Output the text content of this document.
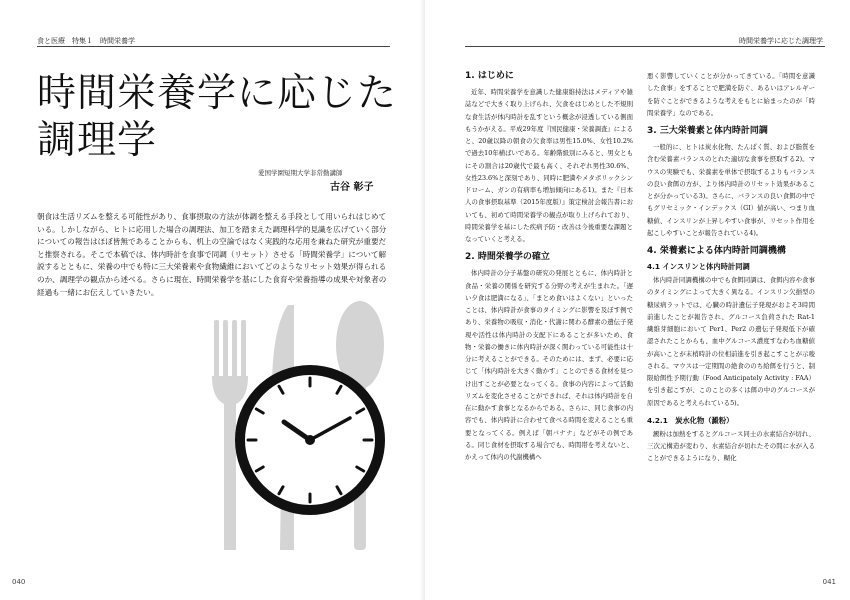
食と医療　特集１　時間栄養学
時間栄養学に応じた
調理学
愛国学園短期大学非常勤講師
古谷 彰子

朝食は生活リズムを整える可能性があり、食事摂取の方法が体調を整える手段として用いられはじめている。しかしながら、ヒトに応用した場合の調理法、加工を踏まえた調理科学的見識を広げていく部分についての報告はほぼ皆無であることからも、机上の空論ではなく実践的な応用を兼ねた研究が重要だと推察される。そこで本稿では、体内時計を食事で同調（リセット）させる「時間栄養学」について解説するとともに、栄養の中でも特に三大栄養素や食物繊維においてどのようなリセット効果が得られるのか、調理学の観点から述べる。さらに現在、時間栄養学を基にした食育や栄養指導の成果や対象者の経過も一緒にお伝えしていきたい。

040
時間栄養学に応じた調理学
1. はじめに

近年、時間栄養学を意識した健康維持法はメディアや雑誌などで大きく取り上げられ、欠食をはじめとした不規則な食生活が体内時計を乱すという概念が浸透している側面もうかがえる。平成29年度『国民健康・栄養調査』によると、20歳以降の朝食の欠食率は男性15.0%、女性10.2%で過去10年横ばいである。年齢階級別にみると、男女ともにその割合は20歳代で最も高く、それぞれ男性30.6%、女性23.6%と深刻であり、同時に肥満やメタボリックシンドローム、ガンの有病率も増加傾向にある1)。また『日本人の食事摂取基準（2015年度版）』策定検討会報告書においても、初めて時間栄養学の観点が取り上げられており、時間栄養学を基にした疾病予防・改善は今後重要な課題となっていくと考える。

2. 時間栄養学の確立

体内時計の分子基盤の研究の発展とともに、体内時計と食品・栄養の関係を研究する分野の考えが生まれた。「遅い夕食は肥満になる」、「まとめ食いはよくない」といったことは、体内時計が食事のタイミングに影響を及ぼす例であり、栄養物の吸収・消化・代謝に関わる酵素の遺伝子発現や活性は体内時計の支配下にあることが多いため、食物・栄養の働きに体内時計が深く関わっている可能性は十分に考えることができる。そのためには、まず、必要に応じて「体内時計を大きく動かす」ことのできる食材を見つけ出すことが必要となってくる。食事の内容によって活動リズムを変化させることができれば、それは体内時計を自在に動かす食事となるからである。さらに、同じ食事の内容でも、体内時計に合わせて食べる時間を変えることも重要となってくる。例えば「朝バナナ」などがその例である。同じ食材を摂取する場合でも、時間帯を考えないと、かえって体内の代謝機構へ

悪く影響していくことが分かってきている。「時間を意識した食事」をすることで肥満を防ぐ、あるいはアレルギーを防ぐことができるような考えをもとに始まったのが「時間栄養学」なのである。

3. 三大栄養素と体内時計同調

一般的に、ヒトは炭水化物、たんぱく質、および脂質を含む栄養素バランスのとれた適切な食事を摂取する2)。マウスの実験でも、栄養素を単体で摂取するよりもバランスの良い食餌の方が、より体内時計のリセット効果があることが分かっている3)。さらに、バランスの良い食餌の中でもグリセミック・インデックス（GI）値が高い、つまり血糖値、インスリンが上昇しやすい食事が、リセット作用を起こしやすいことが報告されている4)。

4. 栄養素による体内時計同調機構
4.1 インスリンと体内時計同調

体内時計同調機構の中でも食餌同調は、食餌内容や食事のタイミングによって大きく異なる。インスリン欠損型の糖尿病ラットでは、心臓の時計遺伝子発現がおよそ3時間前進したことが報告され、グルコース負荷された Rat-1 繊維芽細胞において Per1、Per2 の遺伝子発現低下が確認されたことからも、血中グルコース濃度すなわち血糖値が高いことが末梢時計の位相前進を引き起こすことが示唆される。マウスは一定期間の絶食ののち給餌を行うと、制限給餌性予期行動（Food Anticipately Activity : FAA）を引き起こすが、このことの多くは餌の中のグルコースが原因であると考えられている5)。

4.2.1　炭水化物（澱粉）

澱粉は加熱をするとグルコース同士の水素結合が切れ、三次元構造が変わり、水素結合が切れたその間に水が入ることができるようになり、糊化

041
